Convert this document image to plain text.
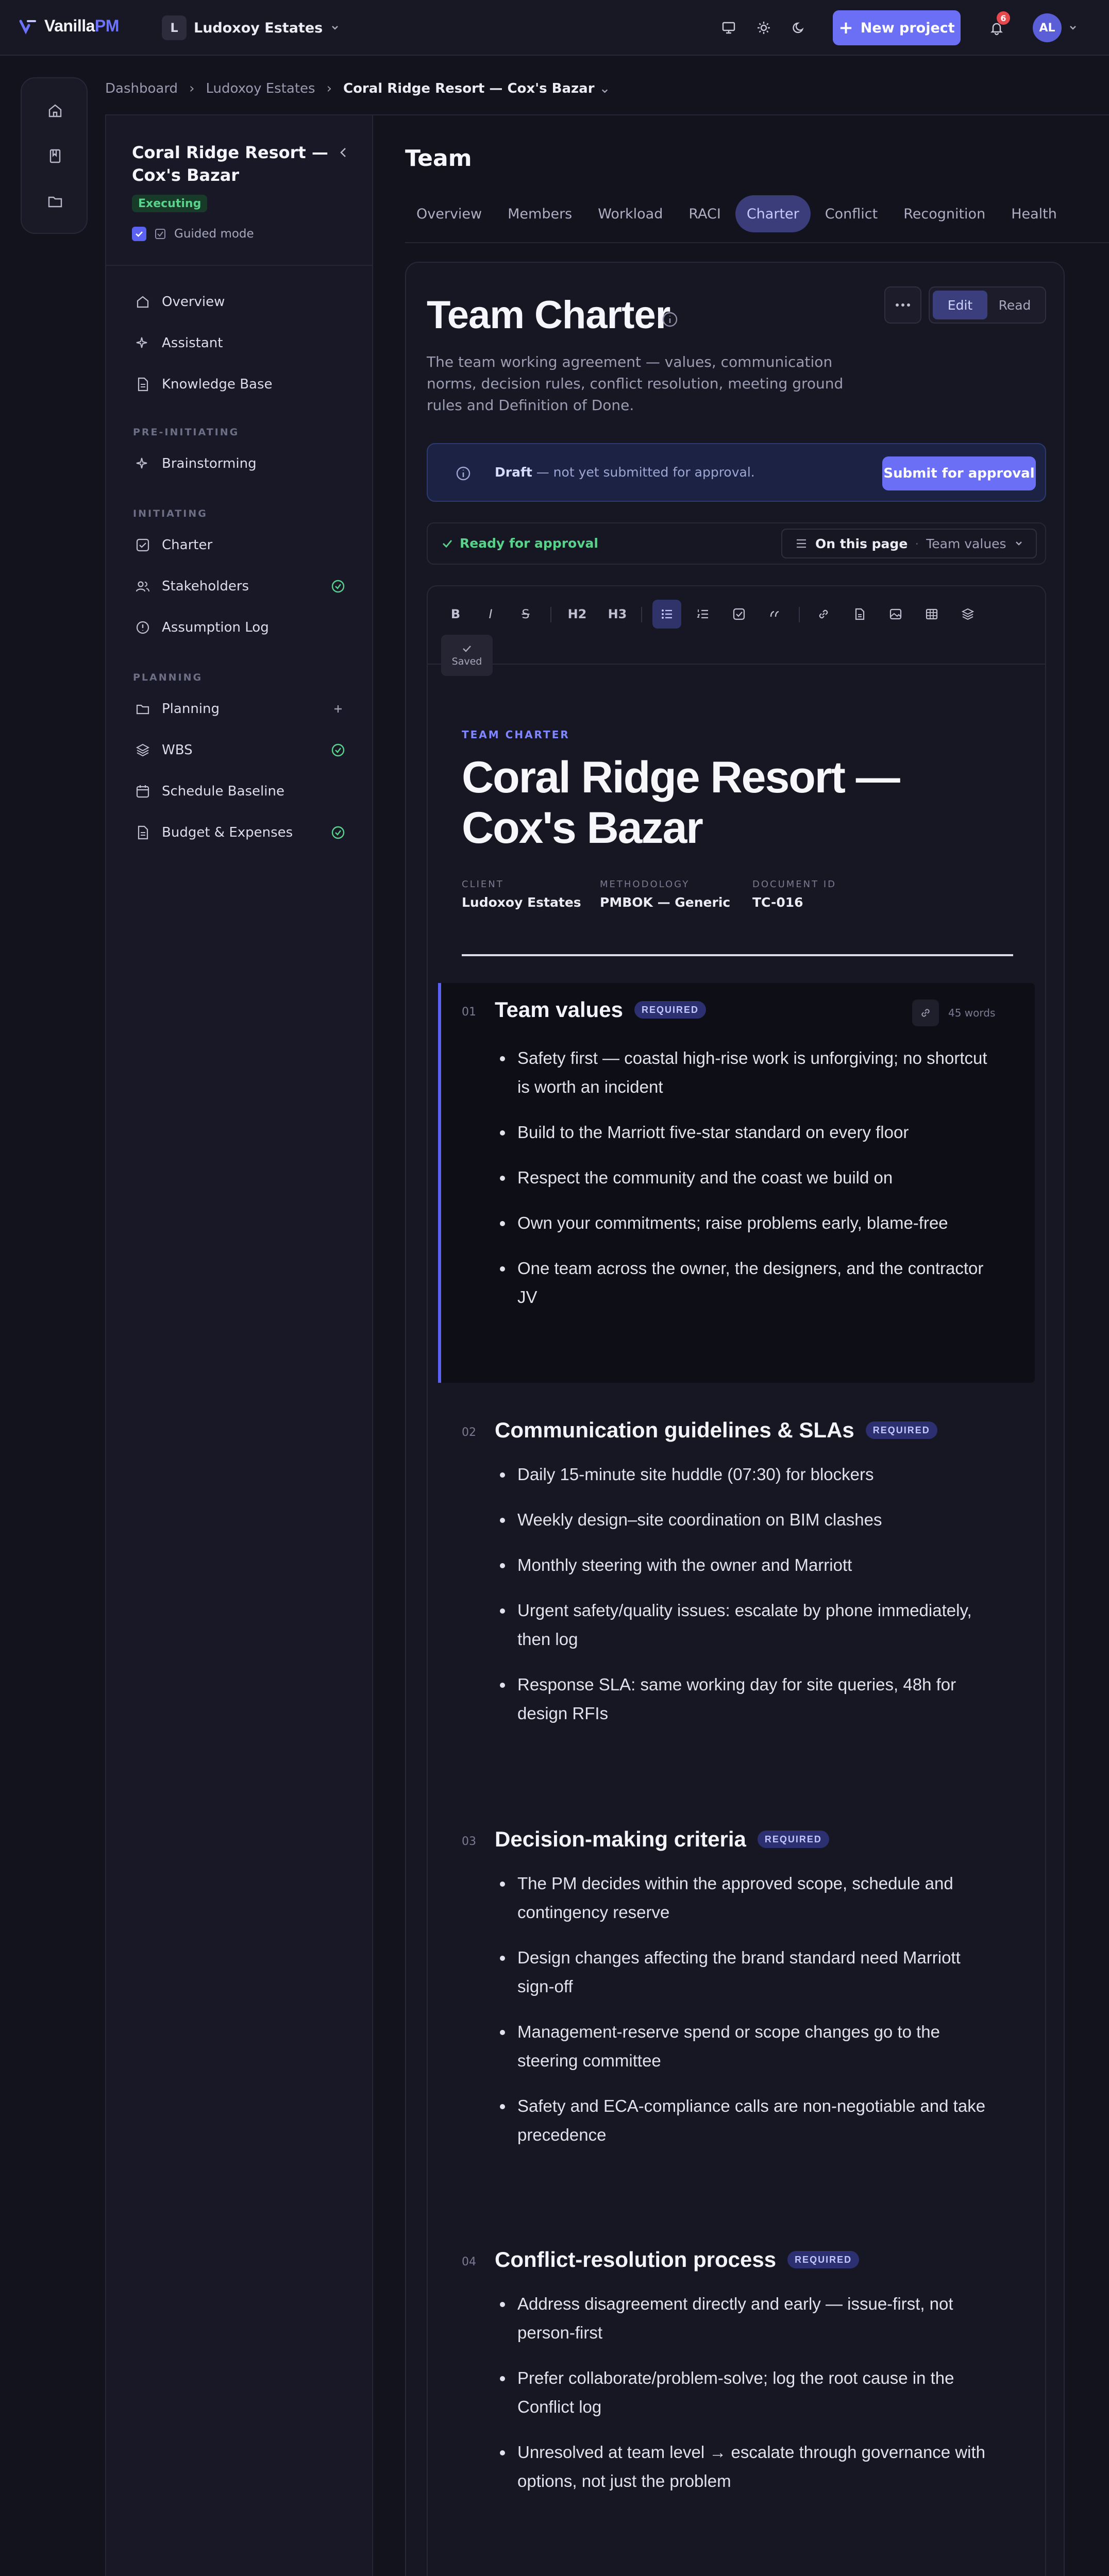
VanillaPM	L	Ludoxoy Estates	+ New project
6
AL
Dashboard › Ludoxoy Estates › Coral Ridge Resort — Cox's Bazar ⌄
Coral Ridge Resort — Cox's Bazar
Executing
Guided mode
Overview
Assistant
Knowledge Base
PRE-INITIATING
Brainstorming
INITIATING
Charter
Stakeholders
Assumption Log
PLANNING
Planning
WBS
Schedule Baseline
Budget & Expenses
Team
Overview	Members	Workload	RACI	Charter	Conflict	Recognition	Health
Team Charter	Edit	Read
The team working agreement — values, communication norms, decision rules, conflict resolution, meeting ground rules and Definition of Done.
Draft — not yet submitted for approval.	Submit for approval
Ready for approval	On this page · Team values
B	I	S	H2	H3
Saved
TEAM CHARTER
Coral Ridge Resort — Cox's Bazar
CLIENT
Ludoxoy Estates
METHODOLOGY
PMBOK — Generic
DOCUMENT ID
TC-016
01 Team values	REQUIRED	45 words
Safety first — coastal high-rise work is unforgiving; no shortcut is worth an incident
Build to the Marriott five-star standard on every floor
Respect the community and the coast we build on
Own your commitments; raise problems early, blame-free
One team across the owner, the designers, and the contractor JV
02 Communication guidelines & SLAs	REQUIRED
Daily 15-minute site huddle (07:30) for blockers
Weekly design–site coordination on BIM clashes
Monthly steering with the owner and Marriott
Urgent safety/quality issues: escalate by phone immediately, then log
Response SLA: same working day for site queries, 48h for design RFIs
03 Decision-making criteria	REQUIRED
The PM decides within the approved scope, schedule and contingency reserve
Design changes affecting the brand standard need Marriott sign-off
Management-reserve spend or scope changes go to the steering committee
Safety and ECA-compliance calls are non-negotiable and take precedence
04 Conflict-resolution process	REQUIRED
Address disagreement directly and early — issue-first, not person-first
Prefer collaborate/problem-solve; log the root cause in the Conflict log
Unresolved at team level → escalate through governance with options, not just the problem
